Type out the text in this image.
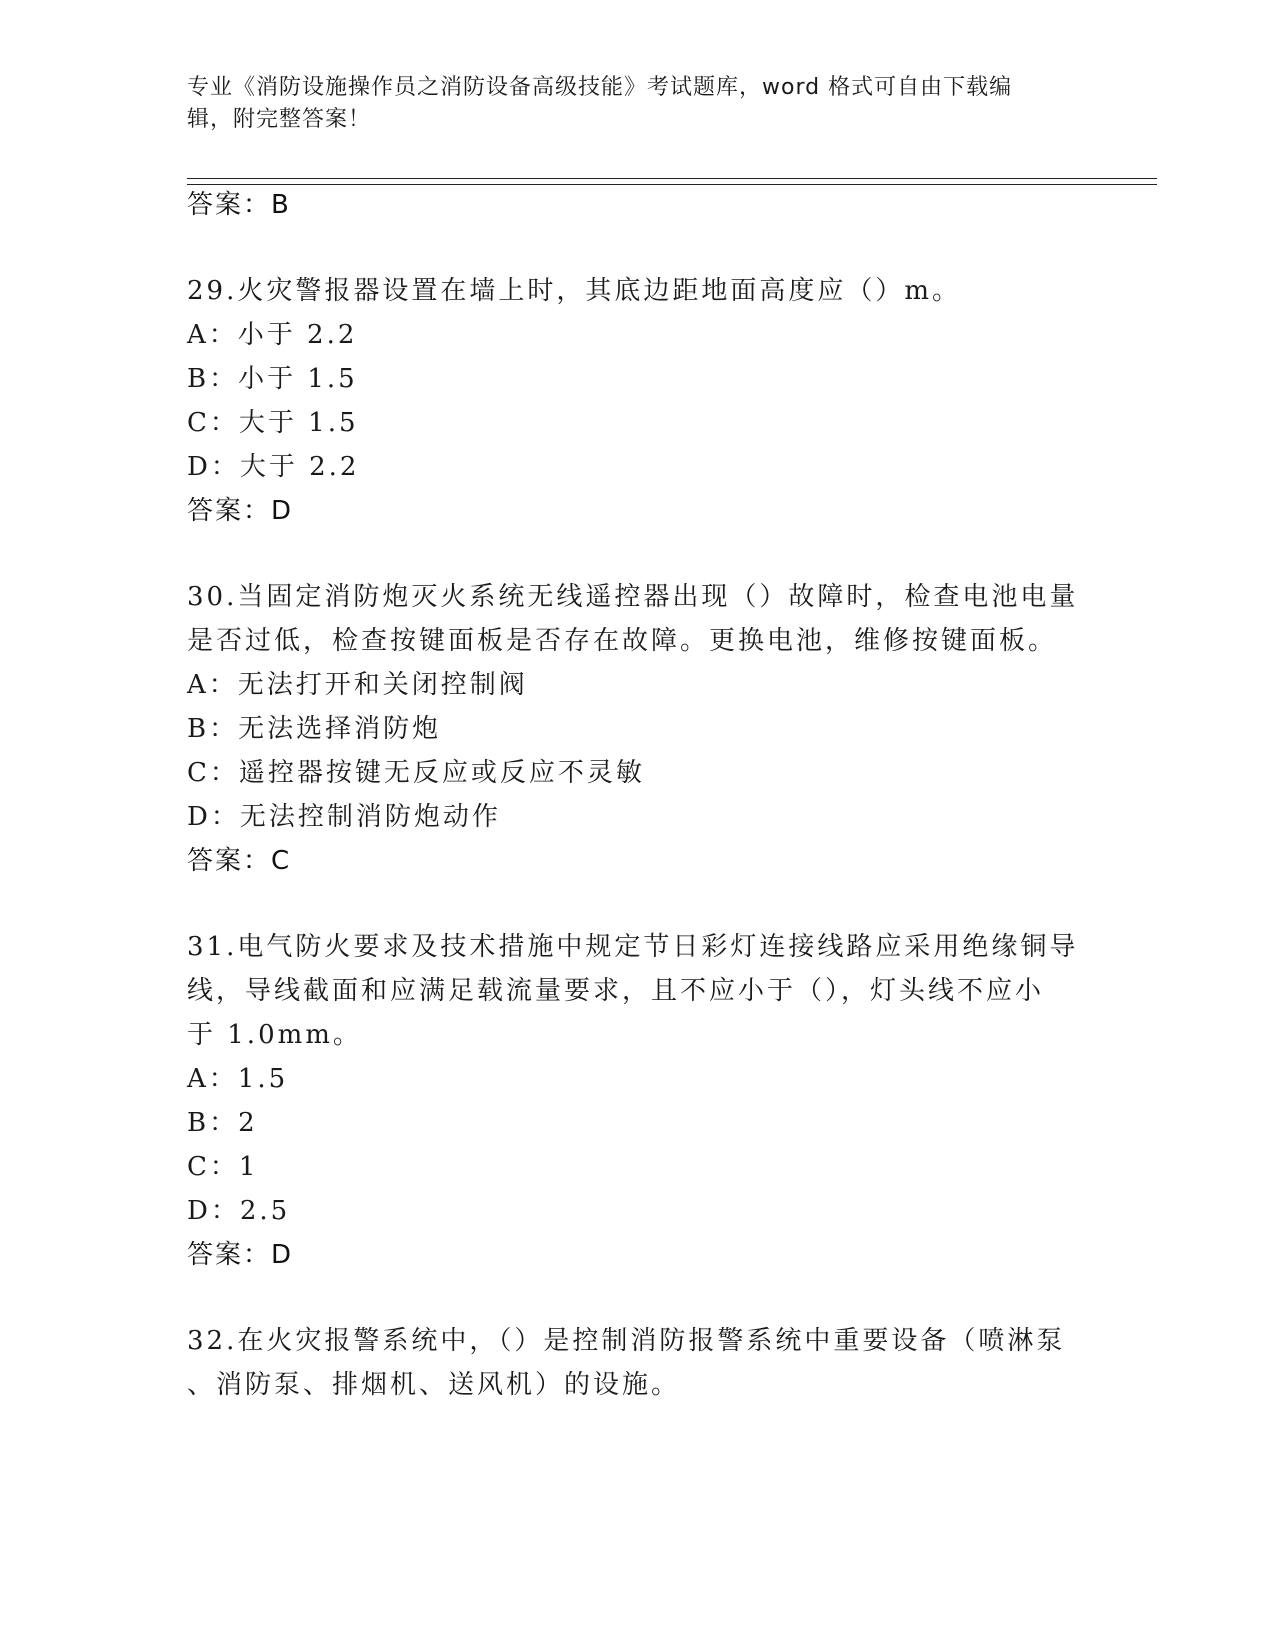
专业《消防设施操作员之消防设备高级技能》考试题库，word 格式可自由下载编
辑，附完整答案！
答案：B
29.火灾警报器设置在墙上时，其底边距地面高度应（）m。
A：小于 2.2
B：小于 1.5
C：大于 1.5
D：大于 2.2
答案：D
30.当固定消防炮灭火系统无线遥控器出现（）故障时，检查电池电量
是否过低，检查按键面板是否存在故障。更换电池，维修按键面板。
A：无法打开和关闭控制阀
B：无法选择消防炮
C：遥控器按键无反应或反应不灵敏
D：无法控制消防炮动作
答案：C
31.电气防火要求及技术措施中规定节日彩灯连接线路应采用绝缘铜导
线，导线截面和应满足载流量要求，且不应小于（），灯头线不应小
于 1.0mm。
A：1.5
B：2
C：1
D：2.5
答案：D
32.在火灾报警系统中，（）是控制消防报警系统中重要设备（喷淋泵
、消防泵、排烟机、送风机）的设施。
